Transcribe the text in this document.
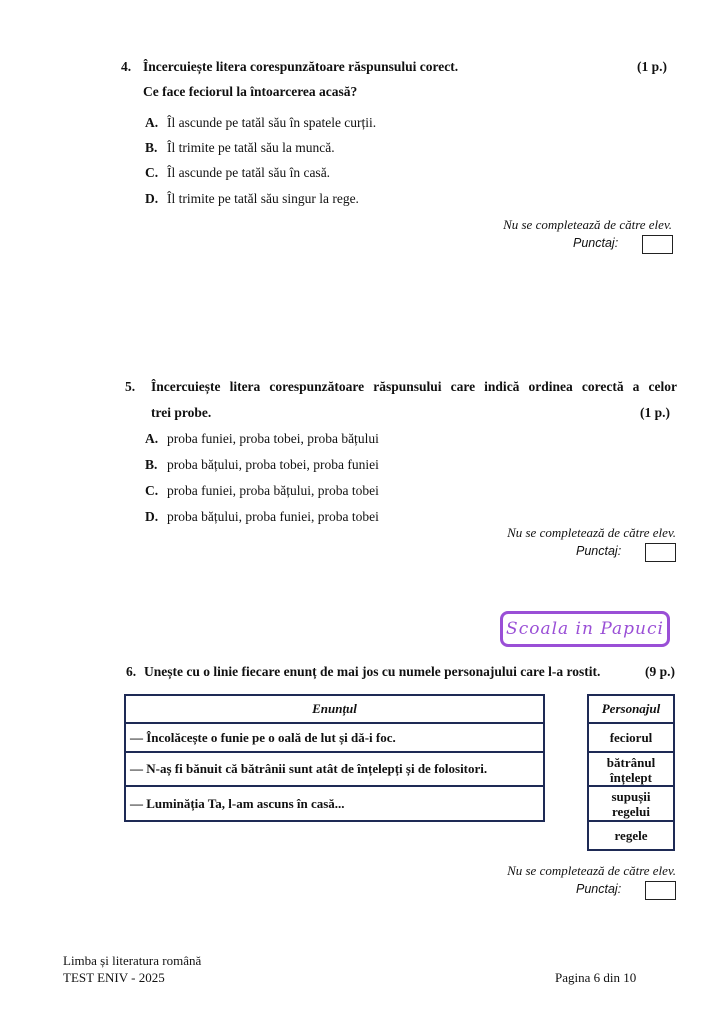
4. Încercuiește litera corespunzătoare răspunsului corect.	(1 p.)
Ce face feciorul la întoarcerea acasă?
A. Îl ascunde pe tatăl său în spatele curții.
B. Îl trimite pe tatăl său la muncă.
C. Îl ascunde pe tatăl său în casă.
D. Îl trimite pe tatăl său singur la rege.
Nu se completează de către elev.
Punctaj:
5. Încercuiește litera corespunzătoare răspunsului care indică ordinea corectă a celor
trei probe.	(1 p.)
A. proba funiei, proba tobei, proba bățului
B. proba bățului, proba tobei, proba funiei
C. proba funiei, proba bățului, proba tobei
D. proba bățului, proba funiei, proba tobei
Nu se completează de către elev.
Punctaj:
Scoala in Papuci
6. Unește cu o linie fiecare enunț de mai jos cu numele personajului care l-a rostit.	(9 p.)
Enunțul
— Încolăcește o funie pe o oală de lut și dă-i foc.
— N-aș fi bănuit că bătrânii sunt atât de înțelepți și de folositori.
— Luminăția Ta, l-am ascuns în casă...
Personajul
feciorul
bătrânul înțelept
supușii regelui
regele
Nu se completează de către elev.
Punctaj:
Limba și literatura română
TEST ENIV - 2025	Pagina 6 din 10
